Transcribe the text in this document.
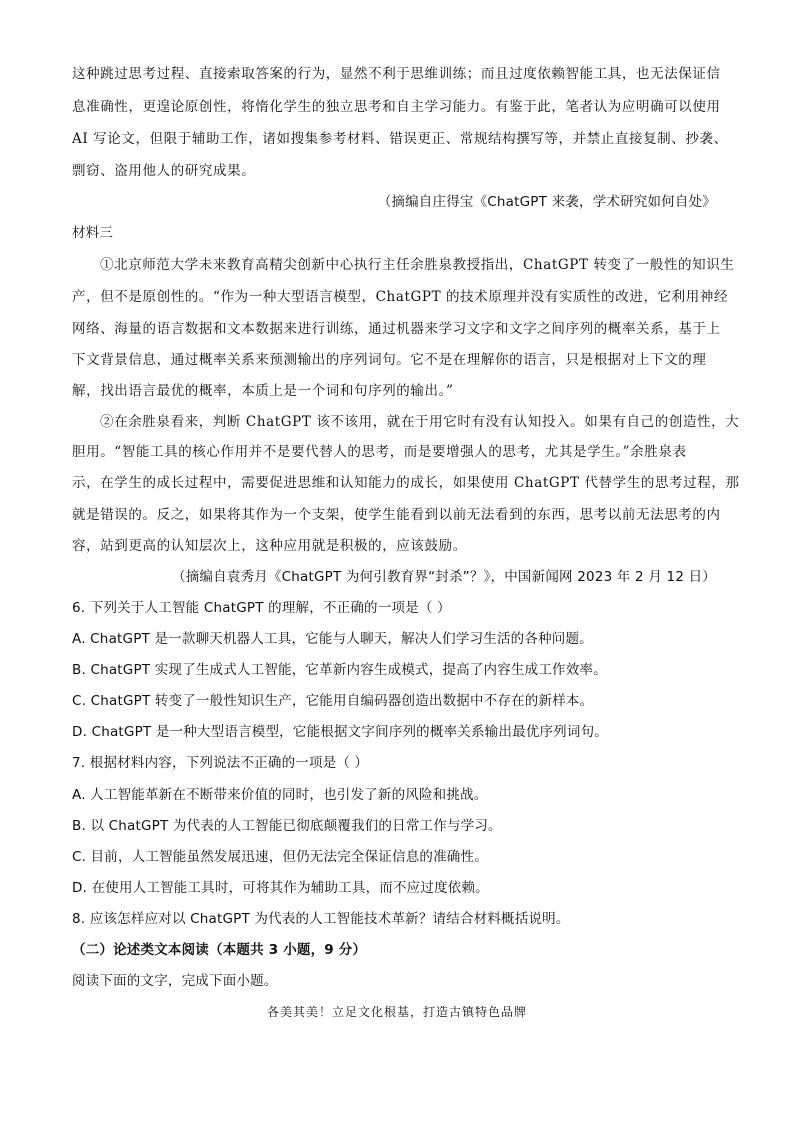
这种跳过思考过程、直接索取答案的行为，显然不利于思维训练；而且过度依赖智能工具，也无法保证信
息准确性，更遑论原创性，将惰化学生的独立思考和自主学习能力。有鉴于此，笔者认为应明确可以使用
AI 写论文，但限于辅助工作，诸如搜集参考材料、错误更正、常规结构撰写等，并禁止直接复制、抄袭、
剽窃、盗用他人的研究成果。
（摘编自庄得宝《ChatGPT 来袭，学术研究如何自处》
材料三
①北京师范大学未来教育高精尖创新中心执行主任余胜泉教授指出，ChatGPT 转变了一般性的知识生
产，但不是原创性的。“作为一种大型语言模型，ChatGPT 的技术原理并没有实质性的改进，它利用神经
网络、海量的语言数据和文本数据来进行训练，通过机器来学习文字和文字之间序列的概率关系，基于上
下文背景信息，通过概率关系来预测输出的序列词句。它不是在理解你的语言，只是根据对上下文的理
解，找出语言最优的概率，本质上是一个词和句序列的输出。”
②在余胜泉看来，判断 ChatGPT 该不该用，就在于用它时有没有认知投入。如果有自己的创造性，大
胆用。“智能工具的核心作用并不是要代替人的思考，而是要增强人的思考，尤其是学生。”余胜泉表
示，在学生的成长过程中，需要促进思维和认知能力的成长，如果使用 ChatGPT 代替学生的思考过程，那
就是错误的。反之，如果将其作为一个支架，使学生能看到以前无法看到的东西，思考以前无法思考的内
容，站到更高的认知层次上，这种应用就是积极的，应该鼓励。
（摘编自袁秀月《ChatGPT 为何引教育界“封杀”？》，中国新闻网 2023 年 2 月 12 日）
6. 下列关于人工智能 ChatGPT 的理解，不正确的一项是（ ）
A. ChatGPT 是一款聊天机器人工具，它能与人聊天，解决人们学习生活的各种问题。
B. ChatGPT 实现了生成式人工智能，它革新内容生成模式，提高了内容生成工作效率。
C. ChatGPT 转变了一般性知识生产，它能用自编码器创造出数据中不存在的新样本。
D. ChatGPT 是一种大型语言模型，它能根据文字间序列的概率关系输出最优序列词句。
7. 根据材料内容，下列说法不正确的一项是（ ）
A. 人工智能革新在不断带来价值的同时，也引发了新的风险和挑战。
B. 以 ChatGPT 为代表的人工智能已彻底颠覆我们的日常工作与学习。
C. 目前，人工智能虽然发展迅速，但仍无法完全保证信息的准确性。
D. 在使用人工智能工具时，可将其作为辅助工具，而不应过度依赖。
8. 应该怎样应对以 ChatGPT 为代表的人工智能技术革新？请结合材料概括说明。
（二）论述类文本阅读（本题共 3 小题，9 分）
阅读下面的文字，完成下面小题。
各美其美！立足文化根基，打造古镇特色品牌
